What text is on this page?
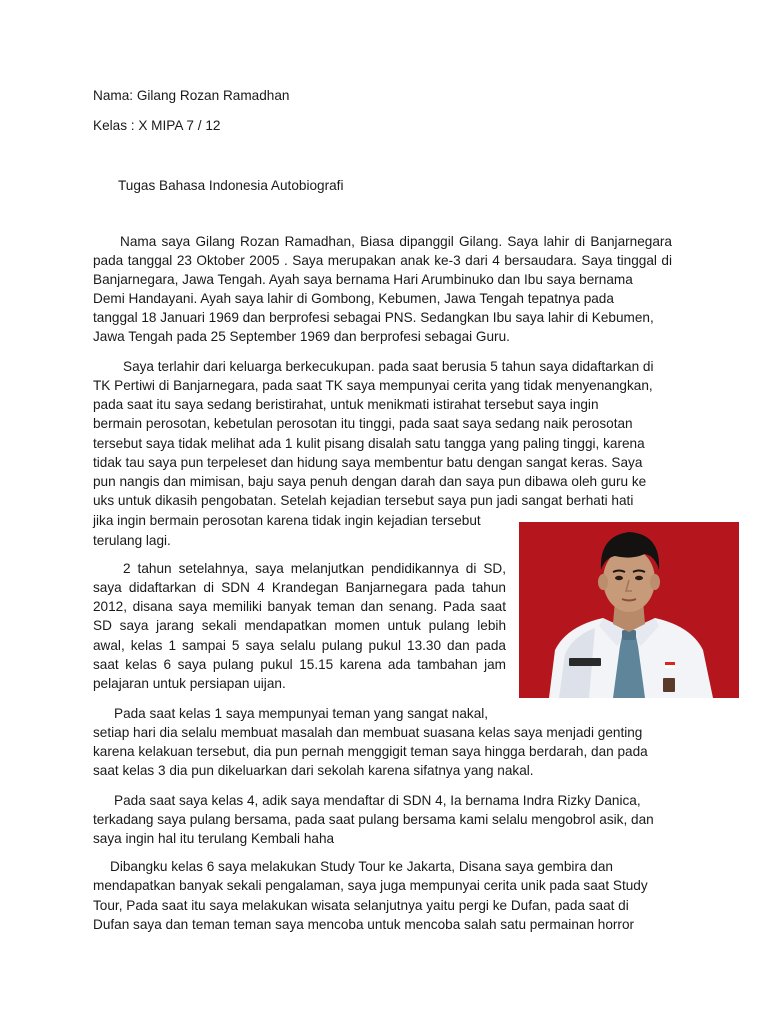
Nama: Gilang Rozan Ramadhan

Kelas : X MIPA 7 / 12

Tugas Bahasa Indonesia Autobiografi

Nama saya Gilang Rozan Ramadhan, Biasa dipanggil Gilang. Saya lahir di Banjarnegara

pada tanggal 23 Oktober 2005 . Saya merupakan anak ke-3 dari 4 bersaudara. Saya tinggal di

Banjarnegara, Jawa Tengah. Ayah saya bernama Hari Arumbinuko dan Ibu saya bernama

Demi Handayani. Ayah saya lahir di Gombong, Kebumen, Jawa Tengah tepatnya pada

tanggal 18 Januari 1969 dan berprofesi sebagai PNS. Sedangkan Ibu saya lahir di Kebumen,

Jawa Tengah pada 25 September 1969 dan berprofesi sebagai Guru.

Saya terlahir dari keluarga berkecukupan. pada saat berusia 5 tahun saya didaftarkan di

TK Pertiwi di Banjarnegara, pada saat TK saya mempunyai cerita yang tidak menyenangkan,

pada saat itu saya sedang beristirahat, untuk menikmati istirahat tersebut saya ingin

bermain perosotan, kebetulan perosotan itu tinggi, pada saat saya sedang naik perosotan

tersebut saya tidak melihat ada 1 kulit pisang disalah satu tangga yang paling tinggi, karena

tidak tau saya pun terpeleset dan hidung saya membentur batu dengan sangat keras. Saya

pun nangis dan mimisan, baju saya penuh dengan darah dan saya pun dibawa oleh guru ke

uks untuk dikasih pengobatan. Setelah kejadian tersebut saya pun jadi sangat berhati hati

jika ingin bermain perosotan karena tidak ingin kejadian tersebut

terulang lagi.

2 tahun setelahnya, saya melanjutkan pendidikannya di SD,

saya didaftarkan di SDN 4 Krandegan Banjarnegara pada tahun

2012, disana saya memiliki banyak teman dan senang. Pada saat

SD saya jarang sekali mendapatkan momen untuk pulang lebih

awal, kelas 1 sampai 5 saya selalu pulang pukul 13.30 dan pada

saat kelas 6 saya pulang pukul 15.15 karena ada tambahan jam

pelajaran untuk persiapan uijan.

Pada saat kelas 1 saya mempunyai teman yang sangat nakal,

setiap hari dia selalu membuat masalah dan membuat suasana kelas saya menjadi genting

karena kelakuan tersebut, dia pun pernah menggigit teman saya hingga berdarah, dan pada

saat kelas 3 dia pun dikeluarkan dari sekolah karena sifatnya yang nakal.

Pada saat saya kelas 4, adik saya mendaftar di SDN 4, Ia bernama Indra Rizky Danica,

terkadang saya pulang bersama, pada saat pulang bersama kami selalu mengobrol asik, dan

saya ingin hal itu terulang Kembali haha

Dibangku kelas 6 saya melakukan Study Tour ke Jakarta, Disana saya gembira dan

mendapatkan banyak sekali pengalaman, saya juga mempunyai cerita unik pada saat Study

Tour, Pada saat itu saya melakukan wisata selanjutnya yaitu pergi ke Dufan, pada saat di

Dufan saya dan teman teman saya mencoba untuk mencoba salah satu permainan horror
